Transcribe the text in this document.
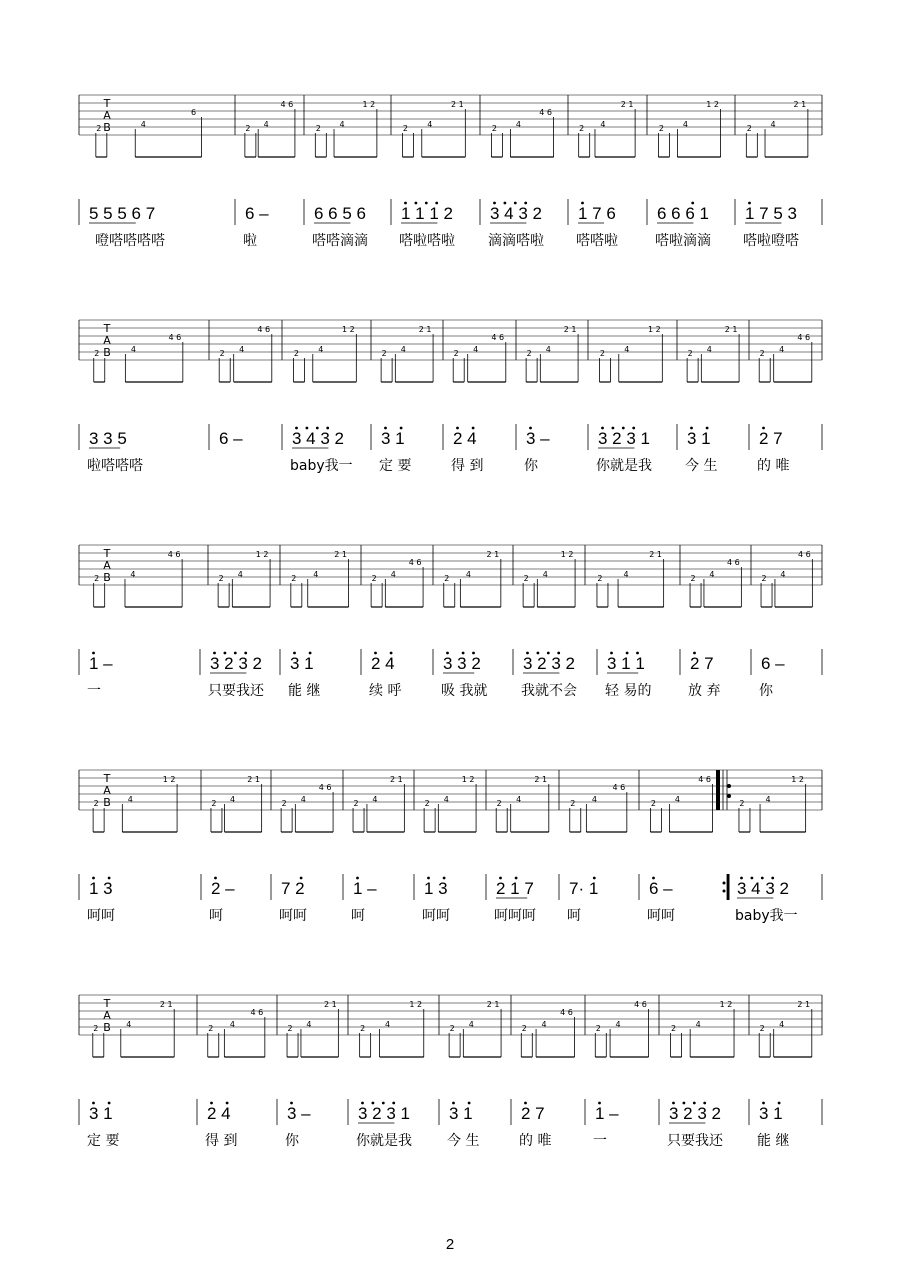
T
A
B
2	4
6
2 4
4 6
2 4
1 2
2 4
2 1
2 4
4 6
2 4
2 1
2 4
1 2
2 4
2 1
5 5 5 6 7	6 –	6 6 5 6 1 1 1 2 3 4 3 2 1 7 6 6 6 6 1 1 7 5 3
噔嗒嗒嗒嗒	啦	嗒嗒滴滴 嗒啦嗒啦 滴滴嗒啦 嗒嗒啦	嗒啦滴滴 嗒啦噔嗒
T
A
B
2	4
4 6
2 4
4 6
2 4
1 2
2 4
2 1
2 4
4 6
2 4
2 1
2 4
1 2
2 4
2 1
2 4
4 6
3 3 5	6 –	3 4 3 2 3 1	2 4	3 –	3 2 3 1 3 1	2 7
啦嗒嗒嗒	baby我一 定 要	得 到	你	你就是我 今 生	的 唯
T
A
B
2	4
4 6
2 4
1 2
2 4
2 1
2 4
4 6
2 4
2 1
2 4
1 2
2	4
2 1
2 4
4 6
2 4
4 6
1 –	3 2 3 2 3 1	2 4	3 3 2 3 2 3 2 3 1 1	2 7	6 –
一	只要我还 能 继	续 呼	吸 我就 我就不会 轻 易的	放 弃	你
T
A
B
2	4
1 2
2 4
2 1
2 4
4 6
2 4
2 1
2 4
1 2
2 4
2 1
2 4
4 6
2 4
4 6
2	4
1 2
1 3	2 –	7 2	1 –	1 3	2 1 7 7· 1	6 –	3 4 3 2
呵呵	呵	呵呵	呵	呵呵	呵呵呵 呵	呵呵	baby我一
T
A
B
2	4
2 1
2 4
4 6
2 4
2 1
2 4
1 2
2 4
2 1
2 4
4 6
2 4
4 6
2 4
1 2
2 4
2 1
3 1	2 4	3 –	3 2 3 1 3 1	2 7	1 –	3 2 3 2 3 1
定 要	得 到	你	你就是我	今 生	的 唯	一	只要我还 能 继
2
